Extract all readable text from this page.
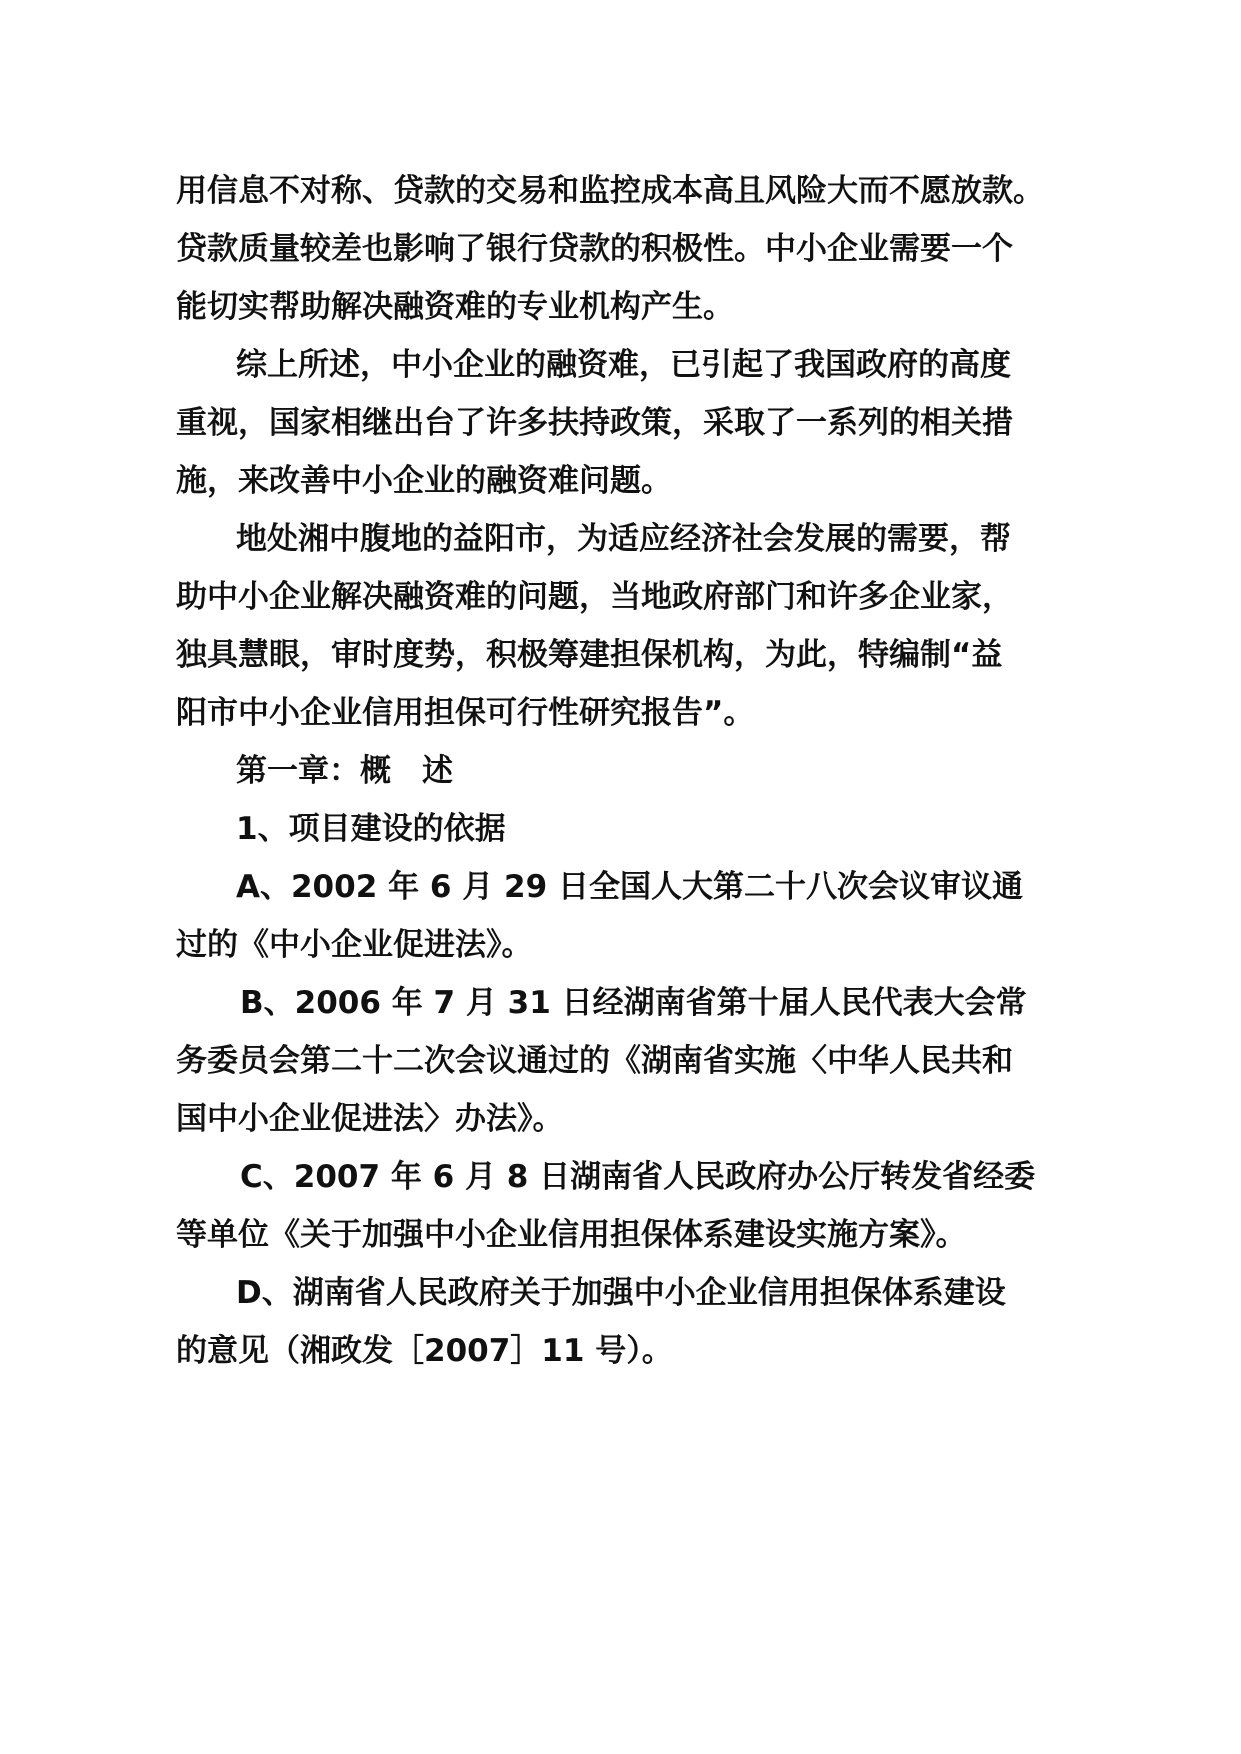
用信息不对称、贷款的交易和监控成本高且风险大而不愿放款。

贷款质量较差也影响了银行贷款的积极性。中小企业需要一个

能切实帮助解决融资难的专业机构产生。

综上所述，中小企业的融资难，已引起了我国政府的高度

重视，国家相继出台了许多扶持政策，采取了一系列的相关措

施，来改善中小企业的融资难问题。

地处湘中腹地的益阳市，为适应经济社会发展的需要，帮

助中小企业解决融资难的问题，当地政府部门和许多企业家，

独具慧眼，审时度势，积极筹建担保机构，为此，特编制“益

阳市中小企业信用担保可行性研究报告”。

第一章：概　述

1、项目建设的依据

A、2002 年 6 月 29 日全国人大第二十八次会议审议通

过的《中小企业促进法》。

B、2006 年 7 月 31 日经湖南省第十届人民代表大会常

务委员会第二十二次会议通过的《湖南省实施〈中华人民共和

国中小企业促进法〉办法》。

C、2007 年 6 月 8 日湖南省人民政府办公厅转发省经委

等单位《关于加强中小企业信用担保体系建设实施方案》。

D、湖南省人民政府关于加强中小企业信用担保体系建设

的意见（湘政发［2007］11 号）。
